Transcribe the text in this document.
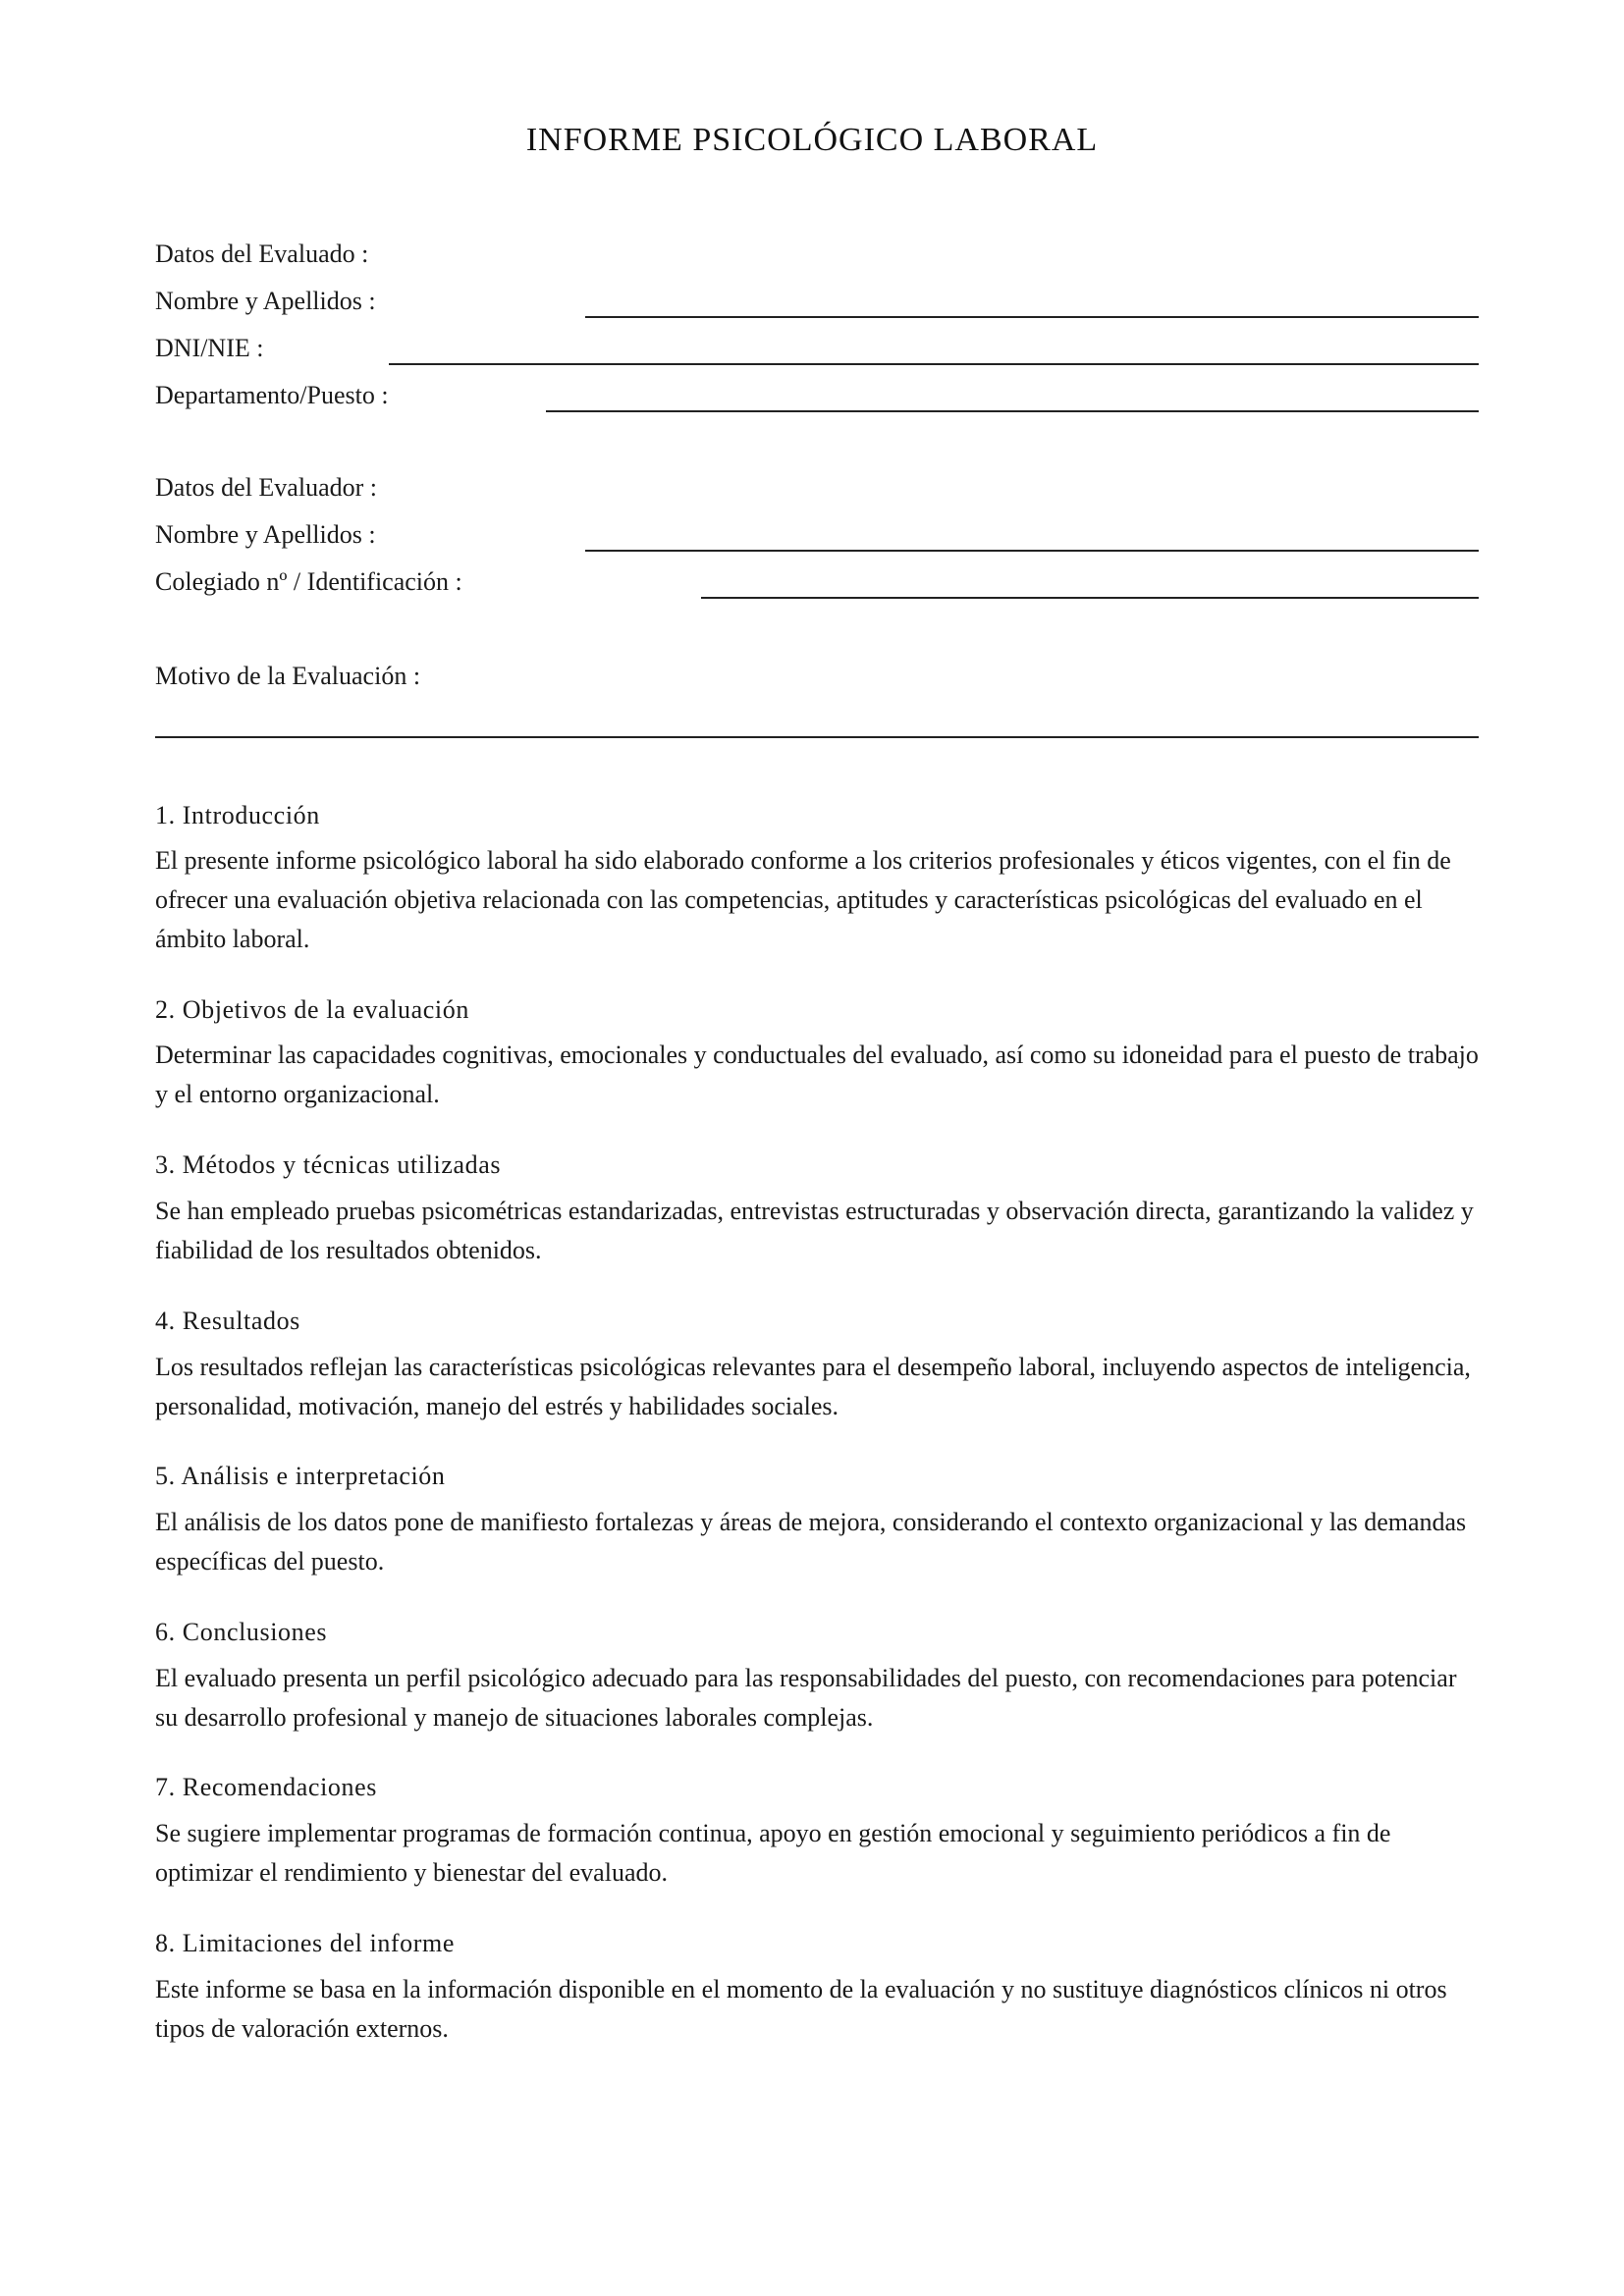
INFORME PSICOLÓGICO LABORAL
Datos del Evaluado :
Nombre y Apellidos :
DNI/NIE :
Departamento/Puesto :
Datos del Evaluador :
Nombre y Apellidos :
Colegiado nº / Identificación :
Motivo de la Evaluación :
1. Introducción

El presente informe psicológico laboral ha sido elaborado conforme a los criterios profesionales y éticos vigentes, con el fin de ofrecer una evaluación objetiva relacionada con las competencias, aptitudes y características psicológicas del evaluado en el ámbito laboral.

2. Objetivos de la evaluación

Determinar las capacidades cognitivas, emocionales y conductuales del evaluado, así como su idoneidad para el puesto de trabajo y el entorno organizacional.

3. Métodos y técnicas utilizadas

Se han empleado pruebas psicométricas estandarizadas, entrevistas estructuradas y observación directa, garantizando la validez y fiabilidad de los resultados obtenidos.

4. Resultados

Los resultados reflejan las características psicológicas relevantes para el desempeño laboral, incluyendo aspectos de inteligencia, personalidad, motivación, manejo del estrés y habilidades sociales.

5. Análisis e interpretación

El análisis de los datos pone de manifiesto fortalezas y áreas de mejora, considerando el contexto organizacional y las demandas específicas del puesto.

6. Conclusiones

El evaluado presenta un perfil psicológico adecuado para las responsabilidades del puesto, con recomendaciones para potenciar su desarrollo profesional y manejo de situaciones laborales complejas.

7. Recomendaciones

Se sugiere implementar programas de formación continua, apoyo en gestión emocional y seguimiento periódicos a fin de optimizar el rendimiento y bienestar del evaluado.

8. Limitaciones del informe

Este informe se basa en la información disponible en el momento de la evaluación y no sustituye diagnósticos clínicos ni otros tipos de valoración externos.
